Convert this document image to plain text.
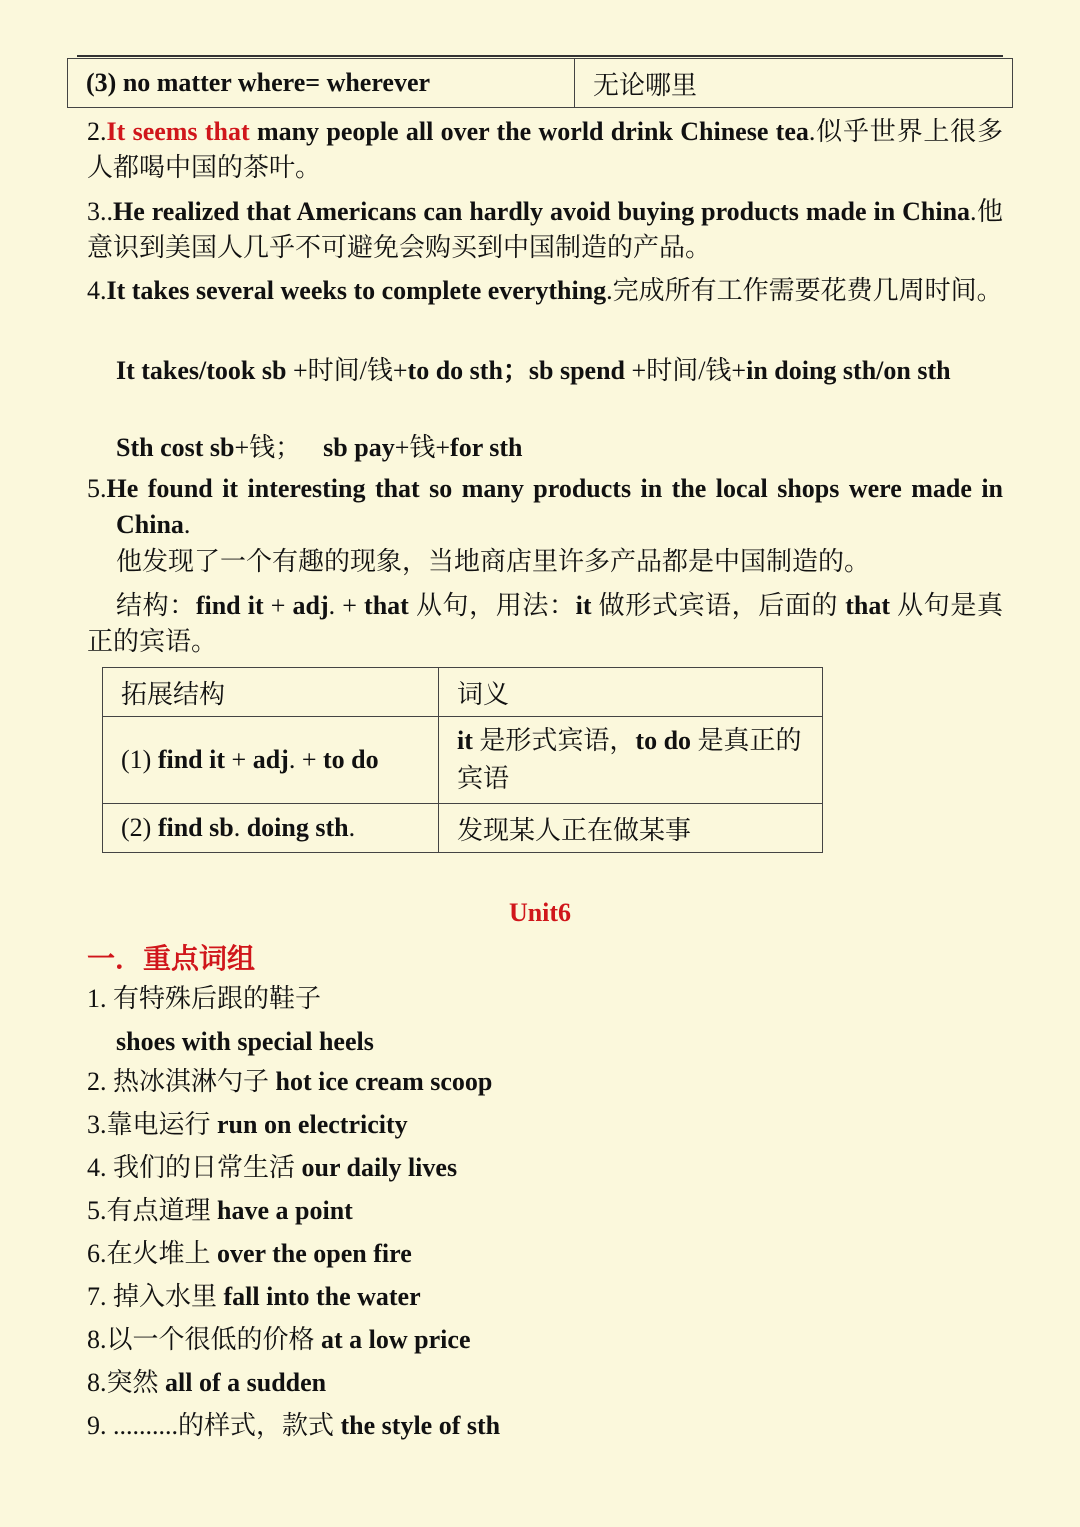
(3) no matter where= wherever	无论哪里
2.It seems that many people all over the world drink Chinese tea.似乎世界上很多人都喝中国的茶叶。
3..He realized that Americans can hardly avoid buying products made in China.他意识到美国人几乎不可避免会购买到中国制造的产品。
4.It takes several weeks to complete everything.完成所有工作需要花费几周时间。
It takes/took sb +时间/钱+to do sth；sb spend +时间/钱+in doing sth/on sth
Sth cost sb+钱； sb pay+钱+for sth
5.He found it interesting that so many products in the local shops were made in China.
他发现了一个有趣的现象，当地商店里许多产品都是中国制造的。
结构：find it + adj. + that 从句，用法：it 做形式宾语，后面的 that 从句是真正的宾语。
拓展结构	词义
(1) find it + adj. + to do	it 是形式宾语，to do 是真正的宾语
(2) find sb. doing sth.	发现某人正在做某事
Unit6
一．重点词组
1. 有特殊后跟的鞋子
shoes with special heels
2. 热冰淇淋勺子 hot ice cream scoop
3.靠电运行 run on electricity
4. 我们的日常生活 our daily lives
5.有点道理 have a point
6.在火堆上 over the open fire
7. 掉入水里 fall into the water
8.以一个很低的价格 at a low price
8.突然 all of a sudden
9. ..........的样式，款式 the style of sth
